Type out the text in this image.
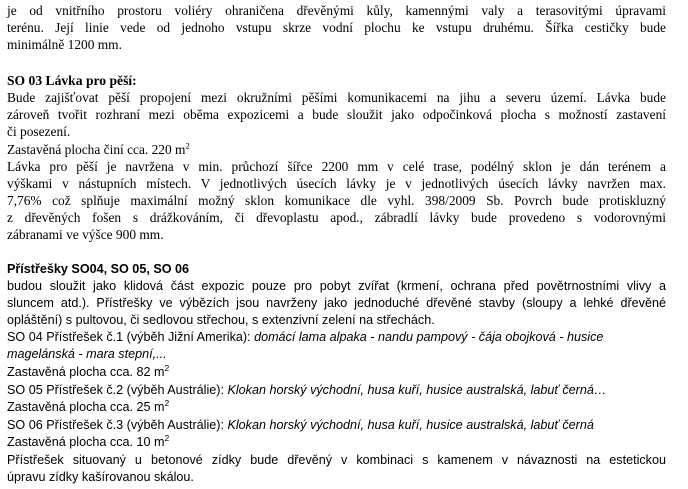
je od vnitřního prostoru voliéry ohraničena dřevěnými kůly, kamennými valy a terasovitými úpravami

terénu. Její linie vede od jednoho vstupu skrze vodní plochu ke vstupu druhému. Šířka cestičky bude

minimálně 1200 mm.

SO 03 Lávka pro pěší:

Bude zajišťovat pěší propojení mezi okružními pěšími komunikacemi na jihu a severu území. Lávka bude

zároveň tvořit rozhraní mezi oběma expozicemi a bude sloužit jako odpočinková plocha s možností zastavení

či posezení.

Zastavěná plocha činí cca. 220 $m^2$

Lávka pro pěší je navržena v min. průchozí šířce 2200 mm v celé trase, podélný sklon je dán terénem a

výškami v nástupních místech. V jednotlivých úsecích lávky je v jednotlivých úsecích lávky navržen max.

7,76% což splňuje maximální možný sklon komunikace dle vyhl. 398/2009 Sb. Povrch bude protiskluzný

z dřevěných fošen s drážkováním, či dřevoplastu apod., zábradlí lávky bude provedeno s vodorovnými

zábranami ve výšce 900 mm.

Přístřešky SO04, SO 05, SO 06

budou sloužit jako klidová část expozic pouze pro pobyt zvířat (krmení, ochrana před povětrnostními vlivy a

sluncem atd.). Přístřešky ve výbězích jsou navrženy jako jednoduché dřevěné stavby (sloupy a lehké dřevěné

opláštění) s pultovou, či sedlovou střechou, s extenzivní zelení na střechách.

SO 04 Přístřešek č.1 (výběh Jižní Amerika): domácí lama alpaka - nandu pampový - čája obojková - husice

magelánská - mara stepní,...

Zastavěná plocha cca. 82 $m^2$

SO 05 Přístřešek č.2 (výběh Austrálie): Klokan horský východní, husa kuří, husice australská, labuť černá…

Zastavěná plocha cca. 25 $m^2$

SO 06 Přístřešek č.3 (výběh Austrálie): Klokan horský východní, husa kuří, husice australská, labuť černá

Zastavěná plocha cca. 10 $m^2$

Přístřešek situovaný u betonové zídky bude dřevěný v kombinaci s kamenem v návaznosti na estetickou

úpravu zídky kašírovanou skálou.
